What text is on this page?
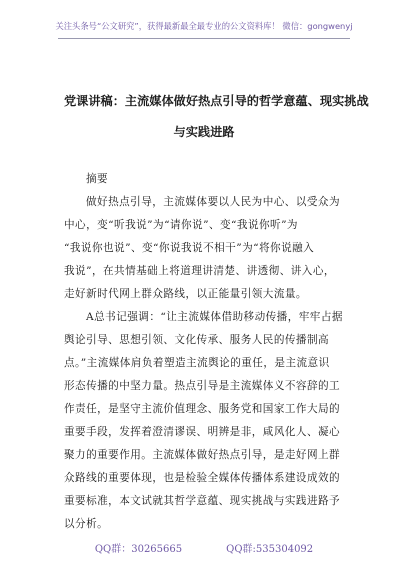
关注头条号“公文研究”，获得最新最全最专业的公文资料库！ 微信：gongwenyj
党课讲稿：主流媒体做好热点引导的哲学意蕴、现实挑战
与实践进路
摘要
做好热点引导，主流媒体要以人民为中心、以受众为
中心，变“听我说”为“请你说”、变“我说你听”为
“我说你也说”、变“你说我说不相干”为“将你说融入
我说”，在共情基础上将道理讲清楚、讲透彻、讲入心，
走好新时代网上群众路线，以正能量引领大流量。
A总书记强调：“让主流媒体借助移动传播，牢牢占据
舆论引导、思想引领、文化传承、服务人民的传播制高
点。”主流媒体肩负着塑造主流舆论的重任，是主流意识
形态传播的中坚力量。热点引导是主流媒体义不容辞的工
作责任，是坚守主流价值理念、服务党和国家工作大局的
重要手段，发挥着澄清谬误、明辨是非，咸风化人、凝心
聚力的重要作用。主流媒体做好热点引导，是走好网上群
众路线的重要体现，也是检验全媒体传播体系建设成效的
重要标准，本文试就其哲学意蕴、现实挑战与实践进路予
以分析。
QQ群：30265665	QQ群:535304092
